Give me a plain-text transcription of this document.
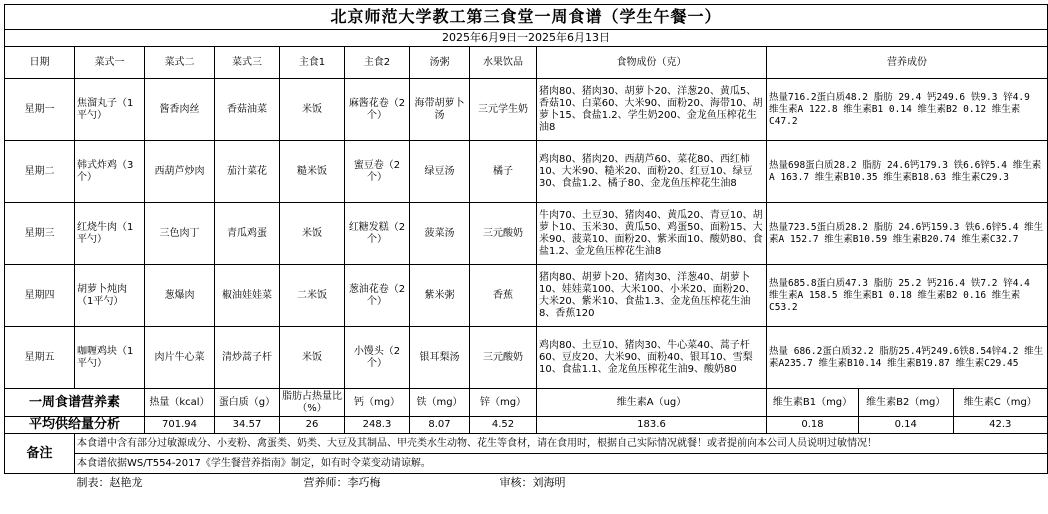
北京师范大学教工第三食堂一周食谱（学生午餐一）										
2025年6月9日一2025年6月13日										
日期	菜式一	菜式二	菜式三	主食1	主食2	汤粥	水果饮品	食物成份（克）	营养成份	
星期一	焦溜丸子（1平勺）	酱香肉丝	香菇油菜	米饭	麻酱花卷（2个）	海带胡萝卜汤	三元学生奶	猪肉80、猪肉30、胡萝卜20、洋葱20、黄瓜5、香菇10、白菜60、大米90、面粉20、海带10、胡萝卜15、食盐1.2、学生奶200、金龙鱼压榨花生油8	热量716.2蛋白质48.2 脂肪 29.4 钙249.6 铁9.3 锌4.9 维生素A 122.8 维生素B1 0.14 维生素B2 0.12 维生素C47.2	
星期二	韩式炸鸡（3个）	西葫芦炒肉	茄汁菜花	糙米饭	蜜豆卷（2个）	绿豆汤	橘子	鸡肉80、猪肉20、西葫芦60、菜花80、西红柿10、大米90、糙米20、面粉20、红豆10、绿豆30、食盐1.2、橘子80、金龙鱼压榨花生油8	热量698蛋白质28.2 脂肪 24.6钙179.3 铁6.6锌5.4 维生素A 163.7 维生素B10.35 维生素B18.63 维生素C29.3	
星期三	红烧牛肉（1平勺）	三色肉丁	青瓜鸡蛋	米饭	红糖发糕（2个）	菠菜汤	三元酸奶	牛肉70、土豆30、猪肉40、黄瓜20、青豆10、胡萝卜10、玉米30、黄瓜50、鸡蛋50、面粉15、大米90、菠菜10、面粉20、紫米面10、酸奶80、食盐1.2、金龙鱼压榨花生油8	热量723.5蛋白质28.2 脂肪 24.6钙159.3 铁6.6锌5.4 维生素A 152.7 维生素B10.59 维生素B20.74 维生素C32.7	
星期四	胡萝卜炖肉（1平勺）	葱爆肉	椒油娃娃菜	二米饭	葱油花卷（2个）	紫米粥	香蕉	猪肉80、胡萝卜20、猪肉30、洋葱40、胡萝卜10、娃娃菜100、大米100、小米20、面粉20、大米20、紫米10、食盐1.3、金龙鱼压榨花生油8、香蕉120	热量685.8蛋白质47.3 脂肪 25.2 钙216.4 铁7.2 锌4.4 维生素A 158.5 维生素B1 0.18 维生素B2 0.16 维生素C53.2	
星期五	咖喱鸡块（1平勺）	肉片牛心菜	清炒蒿子杆	米饭	小馒头（2个）	银耳梨汤	三元酸奶	鸡肉80、土豆10、猪肉30、牛心菜40、蒿子杆60、豆皮20、大米90、面粉40、银耳10、雪梨10、食盐1.1、金龙鱼压榨花生油9、酸奶80	热量 686.2蛋白质32.2 脂肪25.4钙249.6铁8.54锌4.2 维生素A235.7 维生素B10.14 维生素B19.87 维生素C29.45	
一周食谱营养素		热量（kcal）	蛋白质（g）	脂肪占热量比（%）	钙（mg）	铁（mg）	锌（mg）	维生素A（ug）	维生素B1（mg）	维生素B2（mg） 维生素C（mg）

平均供给量分析		701.94	34.57	26	248.3	8.07	4.52	183.6	0.18	0.14 42.3

备注	本食谱中含有部分过敏源成分、小麦粉、禽蛋类、奶类、大豆及其制品、甲壳类水生动物、花生等食材，请在食用时，根据自己实际情况就餐！或者提前向本公司人员说明过敏情况！									
	本食谱依据WS/T554-2017《学生餐营养指南》制定，如有时令菜变动请谅解。									
制表：赵艳龙			营养师：李巧梅				审核：刘海明			
